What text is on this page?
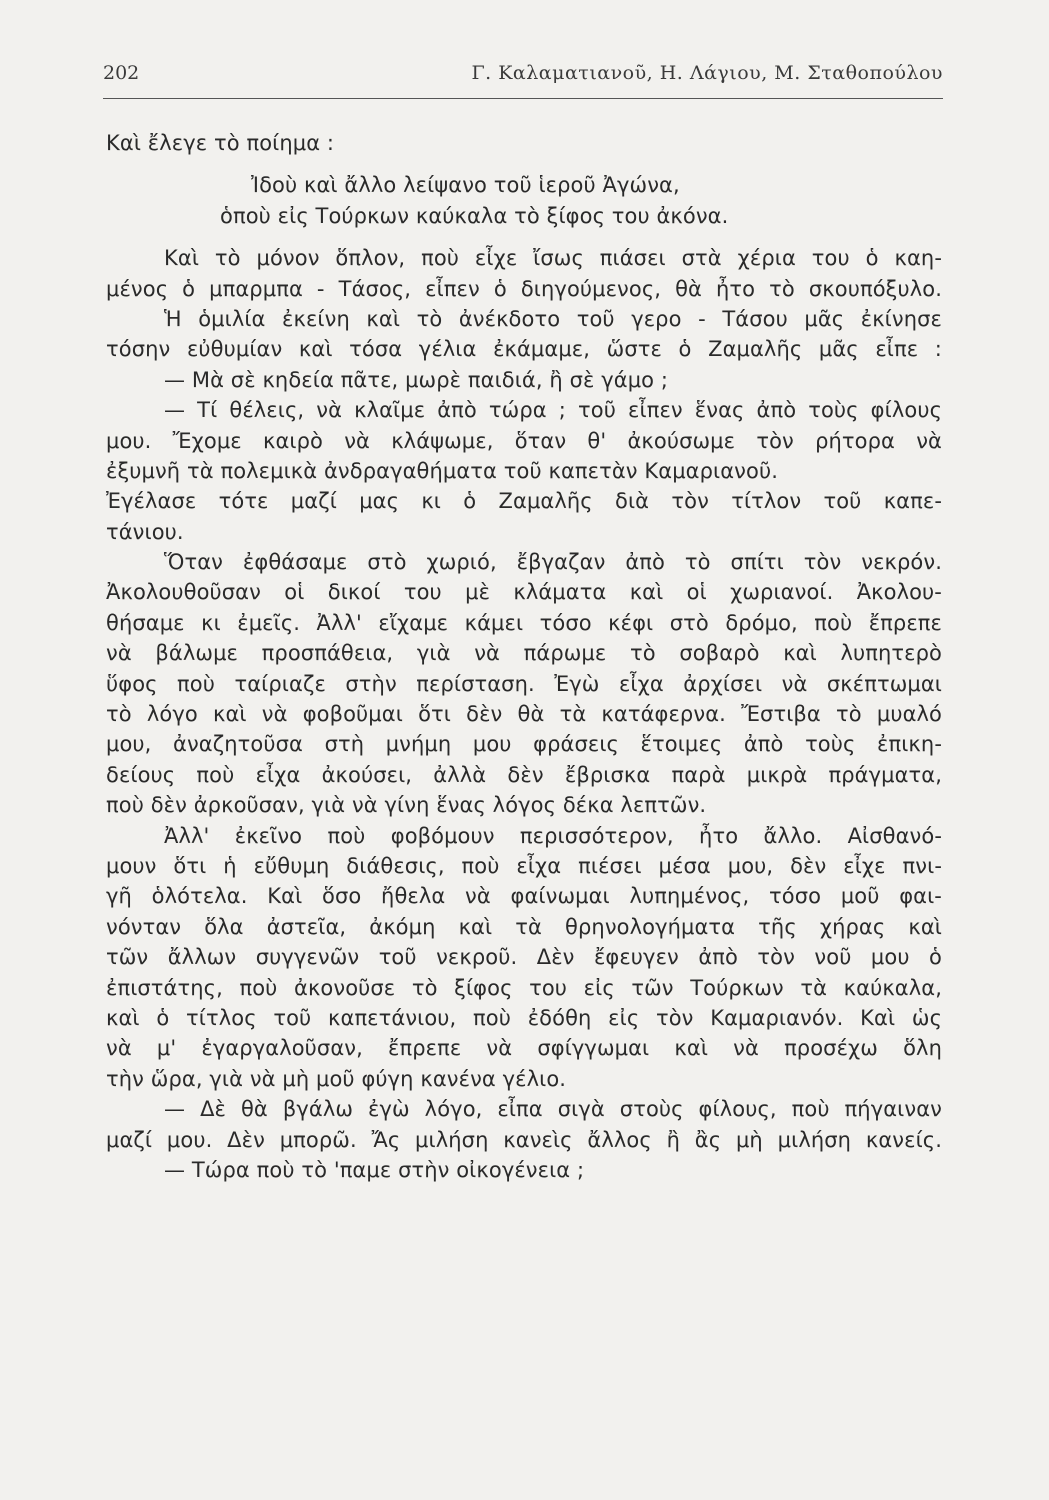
202	Γ. Καλαματιανοῦ, Η. Λάγιου, Μ. Σταθοπούλου
Καὶ ἔλεγε τὸ ποίημα :
Ἰδοὺ καὶ ἄλλο λείψανο τοῦ ἱεροῦ Ἀγώνα,
ὁποὺ εἰς Τούρκων καύκαλα τὸ ξίφος του ἀκόνα.
Καὶ τὸ μόνον ὅπλον, ποὺ εἶχε ἴσως πιάσει στὰ χέρια του ὁ καη-
μένος ὁ μπαρμπα - Τάσος, εἶπεν ὁ διηγούμενος, θὰ ἦτο τὸ σκουπόξυλο.
Ἡ ὁμιλία ἐκείνη καὶ τὸ ἀνέκδοτο τοῦ γερο - Τάσου μᾶς ἐκίνησε
τόσην εὐθυμίαν καὶ τόσα γέλια ἐκάμαμε, ὥστε ὁ Ζαμαλῆς μᾶς εἶπε :
— Μὰ σὲ κηδεία πᾶτε, μωρὲ παιδιά, ἢ σὲ γάμο ;
— Τί θέλεις, νὰ κλαῖμε ἀπὸ τώρα ; τοῦ εἶπεν ἕνας ἀπὸ τοὺς φίλους
μου. Ἔχομε καιρὸ νὰ κλάψωμε, ὅταν θ' ἀκούσωμε τὸν ρήτορα νὰ
ἐξυμνῆ τὰ πολεμικὰ ἀνδραγαθήματα τοῦ καπετὰν Καμαριανοῦ.
Ἐγέλασε τότε μαζί μας κι ὁ Ζαμαλῆς διὰ τὸν τίτλον τοῦ καπε-
τάνιου.
Ὅταν ἐφθάσαμε στὸ χωριό, ἔβγαζαν ἀπὸ τὸ σπίτι τὸν νεκρόν.
Ἀκολουθοῦσαν οἱ δικοί του μὲ κλάματα καὶ οἱ χωριανοί. Ἀκολου-
θήσαμε κι ἐμεῖς. Ἀλλ' εἴχαμε κάμει τόσο κέφι στὸ δρόμο, ποὺ ἔπρεπε
νὰ βάλωμε προσπάθεια, γιὰ νὰ πάρωμε τὸ σοβαρὸ καὶ λυπητερὸ
ὕφος ποὺ ταίριαζε στὴν περίσταση. Ἐγὼ εἶχα ἀρχίσει νὰ σκέπτωμαι
τὸ λόγο καὶ νὰ φοβοῦμαι ὅτι δὲν θὰ τὰ κατάφερνα. Ἔστιβα τὸ μυαλό
μου, ἀναζητοῦσα στὴ μνήμη μου φράσεις ἕτοιμες ἀπὸ τοὺς ἐπικη-
δείους ποὺ εἶχα ἀκούσει, ἀλλὰ δὲν ἔβρισκα παρὰ μικρὰ πράγματα,
ποὺ δὲν ἀρκοῦσαν, γιὰ νὰ γίνη ἕνας λόγος δέκα λεπτῶν.
Ἀλλ' ἐκεῖνο ποὺ φοβόμουν περισσότερον, ἦτο ἄλλο. Αἰσθανό-
μουν ὅτι ἡ εὔθυμη διάθεσις, ποὺ εἶχα πιέσει μέσα μου, δὲν εἶχε πνι-
γῆ ὁλότελα. Καὶ ὅσο ἤθελα νὰ φαίνωμαι λυπημένος, τόσο μοῦ φαι-
νόνταν ὅλα ἀστεῖα, ἀκόμη καὶ τὰ θρηνολογήματα τῆς χήρας καὶ
τῶν ἄλλων συγγενῶν τοῦ νεκροῦ. Δὲν ἔφευγεν ἀπὸ τὸν νοῦ μου ὁ
ἐπιστάτης, ποὺ ἀκονοῦσε τὸ ξίφος του εἰς τῶν Τούρκων τὰ καύκαλα,
καὶ ὁ τίτλος τοῦ καπετάνιου, ποὺ ἐδόθη εἰς τὸν Καμαριανόν. Καὶ ὡς
νὰ μ' ἐγαργαλοῦσαν, ἔπρεπε νὰ σφίγγωμαι καὶ νὰ προσέχω ὅλη
τὴν ὥρα, γιὰ νὰ μὴ μοῦ φύγη κανένα γέλιο.
— Δὲ θὰ βγάλω ἐγὼ λόγο, εἶπα σιγὰ στοὺς φίλους, ποὺ πήγαιναν
μαζί μου. Δὲν μπορῶ. Ἄς μιλήση κανεὶς ἄλλος ἢ ἂς μὴ μιλήση κανείς.
— Τώρα ποὺ τὸ 'παμε στὴν οἰκογένεια ;
